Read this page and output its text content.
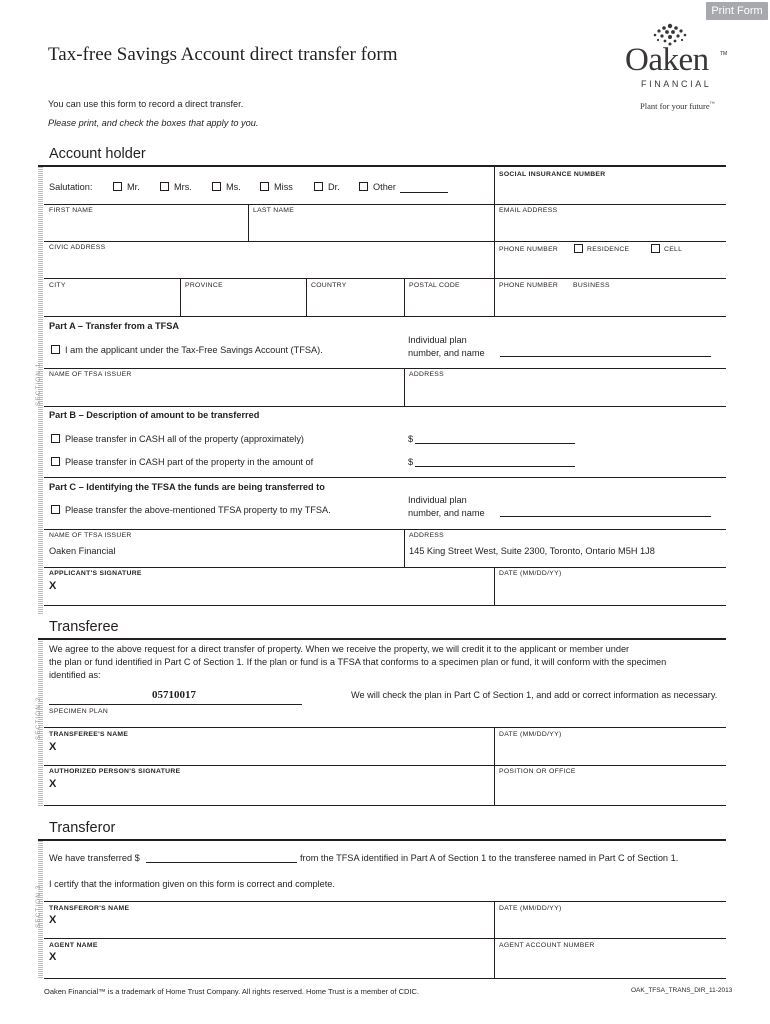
Print Form
Tax-free Savings Account direct transfer form	Oaken TM
FINANCIAL
Plant for your future™
You can use this form to record a direct transfer.
Please print, and check the boxes that apply to you.
Account holder
Salutation:	Mr.	Mrs.	Ms.	Miss	Dr.	Other
SOCIAL INSURANCE NUMBER
FIRST NAME	LAST NAME	EMAIL ADDRESS
CIVIC ADDRESS	PHONE NUMBER	RESIDENCE	CELL
CITY	PROVINCE	COUNTRY	POSTAL CODE	PHONE NUMBER BUSINESS
SECTION 1
Part A – Transfer from a TFSA
I am the applicant under the Tax-Free Savings Account (TFSA).
Individual plan
number, and name
NAME OF TFSA ISSUER	ADDRESS
Part B – Description of amount to be transferred
Please transfer in CASH all of the property (approximately)	$
Please transfer in CASH part of the property in the amount of	$
Part C – Identifying the TFSA the funds are being transferred to
Please transfer the above-mentioned TFSA property to my TFSA.
Individual plan
number, and name
NAME OF TFSA ISSUER
Oaken Financial
ADDRESS
145 King Street West, Suite 2300, Toronto, Ontario M5H 1J8
APPLICANT'S SIGNATURE
X
DATE (MM/DD/YY)
Transferee
SECTION 2
We agree to the above request for a direct transfer of property. When we receive the property, we will credit it to the applicant or member under
the plan or fund identified in Part C of Section 1. If the plan or fund is a TFSA that conforms to a specimen plan or fund, it will conform with the specimen
identified as:
05710017	We will check the plan in Part C of Section 1, and add or correct information as necessary.
SPECIMEN PLAN
TRANSFEREE'S NAME
X
DATE (MM/DD/YY)
AUTHORIZED PERSON'S SIGNATURE
X
POSITION OR OFFICE
Transferor
SECTION 3
We have transferred $	from the TFSA identified in Part A of Section 1 to the transferee named in Part C of Section 1.
I certify that the information given on this form is correct and complete.
TRANSFEROR'S NAME
X
DATE (MM/DD/YY)
AGENT NAME
X
AGENT ACCOUNT NUMBER
Oaken Financial™ is a trademark of Home Trust Company. All rights reserved. Home Trust is a member of CDIC.	OAK_TFSA_TRANS_DIR_11-2013
